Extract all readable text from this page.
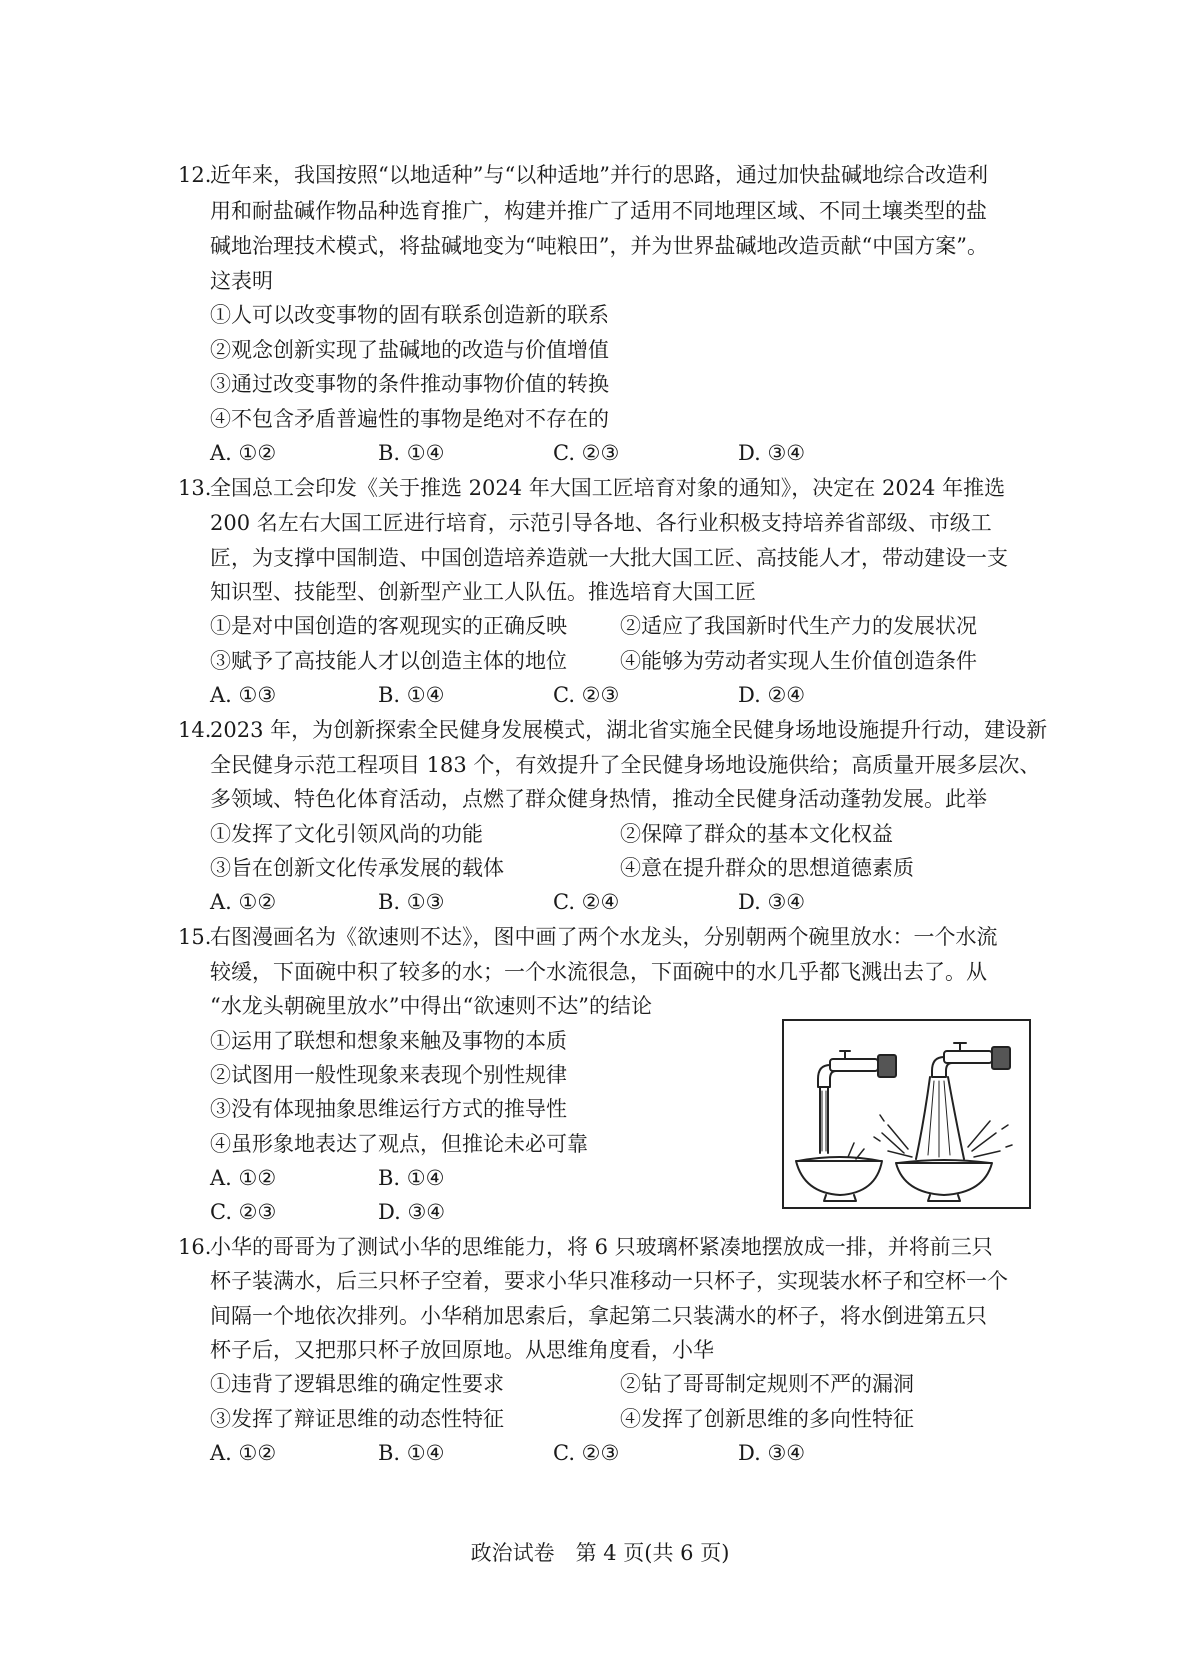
12.
近年来，我国按照“以地适种”与“以种适地”并行的思路，通过加快盐碱地综合改造利
用和耐盐碱作物品种选育推广，构建并推广了适用不同地理区域、不同土壤类型的盐
碱地治理技术模式，将盐碱地变为“吨粮田”，并为世界盐碱地改造贡献“中国方案”。
这表明
①人可以改变事物的固有联系创造新的联系
②观念创新实现了盐碱地的改造与价值增值
③通过改变事物的条件推动事物价值的转换
④不包含矛盾普遍性的事物是绝对不存在的
A. ①②	B. ①④	C. ②③	D. ③④
13.
全国总工会印发《关于推选 2024 年大国工匠培育对象的通知》，决定在 2024 年推选
200 名左右大国工匠进行培育，示范引导各地、各行业积极支持培养省部级、市级工
匠，为支撑中国制造、中国创造培养造就一大批大国工匠、高技能人才，带动建设一支
知识型、技能型、创新型产业工人队伍。推选培育大国工匠
①是对中国创造的客观现实的正确反映	②适应了我国新时代生产力的发展状况
③赋予了高技能人才以创造主体的地位	④能够为劳动者实现人生价值创造条件
A. ①③	B. ①④	C. ②③	D. ②④
14.
2023 年，为创新探索全民健身发展模式，湖北省实施全民健身场地设施提升行动，建设新
全民健身示范工程项目 183 个，有效提升了全民健身场地设施供给；高质量开展多层次、
多领域、特色化体育活动，点燃了群众健身热情，推动全民健身活动蓬勃发展。此举
①发挥了文化引领风尚的功能	②保障了群众的基本文化权益
③旨在创新文化传承发展的载体	④意在提升群众的思想道德素质
A. ①②	B. ①③	C. ②④	D. ③④
15.
右图漫画名为《欲速则不达》，图中画了两个水龙头，分别朝两个碗里放水：一个水流
较缓，下面碗中积了较多的水；一个水流很急，下面碗中的水几乎都飞溅出去了。从
“水龙头朝碗里放水”中得出“欲速则不达”的结论
①运用了联想和想象来触及事物的本质
②试图用一般性现象来表现个别性规律
③没有体现抽象思维运行方式的推导性
④虽形象地表达了观点，但推论未必可靠
A. ①②	B. ①④
C. ②③	D. ③④
16.
小华的哥哥为了测试小华的思维能力，将 6 只玻璃杯紧凑地摆放成一排，并将前三只
杯子装满水，后三只杯子空着，要求小华只准移动一只杯子，实现装水杯子和空杯一个
间隔一个地依次排列。小华稍加思索后，拿起第二只装满水的杯子，将水倒进第五只
杯子后，又把那只杯子放回原地。从思维角度看，小华
①违背了逻辑思维的确定性要求	②钻了哥哥制定规则不严的漏洞
③发挥了辩证思维的动态性特征	④发挥了创新思维的多向性特征
A. ①②	B. ①④	C. ②③	D. ③④
政治试卷　第 4 页(共 6 页)
